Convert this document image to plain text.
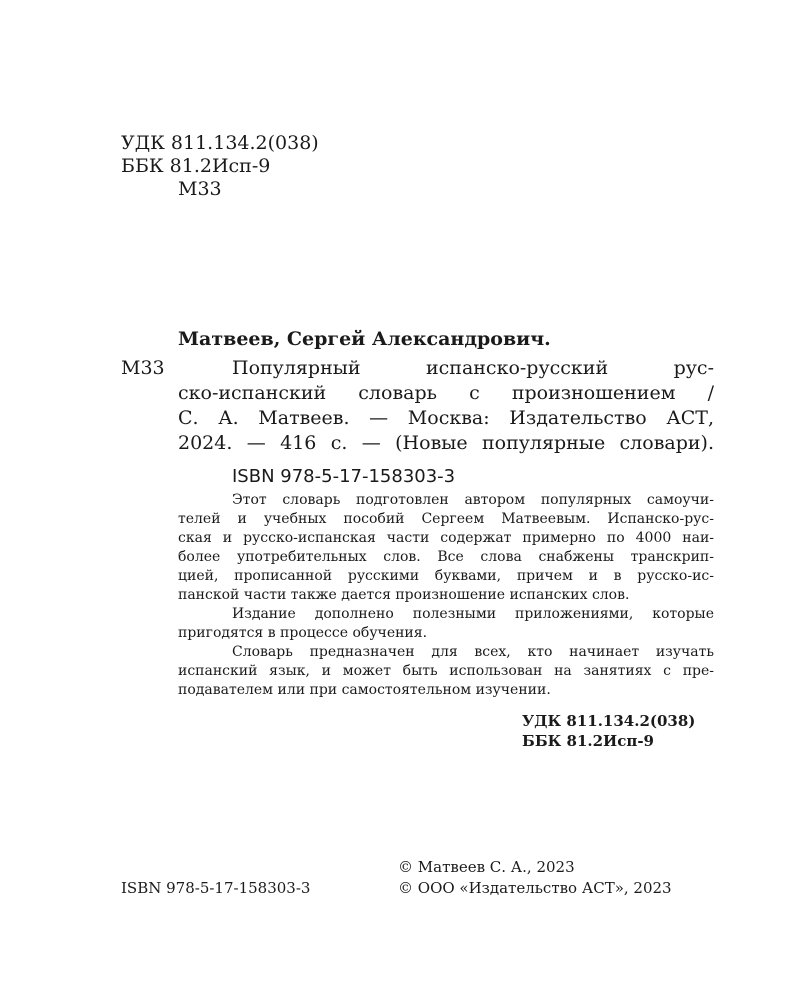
УДК 811.134.2(038)
ББК 81.2Исп-9
М33
Матвеев, Сергей Александрович.
М33	Популярный испанско-русский рус-
ско-испанский словарь с произношением /
С. А. Матвеев. — Москва: Издательство АСТ,
2024. — 416 с. — (Новые популярные словари).
ISBN 978-5-17-158303-3
Этот словарь подготовлен автором популярных самоучи-
телей и учебных пособий Сергеем Матвеевым. Испанско-рус-
ская и русско-испанская части содержат примерно по 4000 наи-
более употребительных слов. Все слова снабжены транскрип-
цией, прописанной русскими буквами, причем и в русско-ис-
панской части также дается произношение испанских слов.
Издание дополнено полезными приложениями, которые
пригодятся в процессе обучения.
Словарь предназначен для всех, кто начинает изучать
испанский язык, и может быть использован на занятиях с пре-
подавателем или при самостоятельном изучении.
УДК 811.134.2(038)
ББК 81.2Исп-9
© Матвеев С. А., 2023
ISBN 978-5-17-158303-3	© ООО «Издательство АСТ», 2023
